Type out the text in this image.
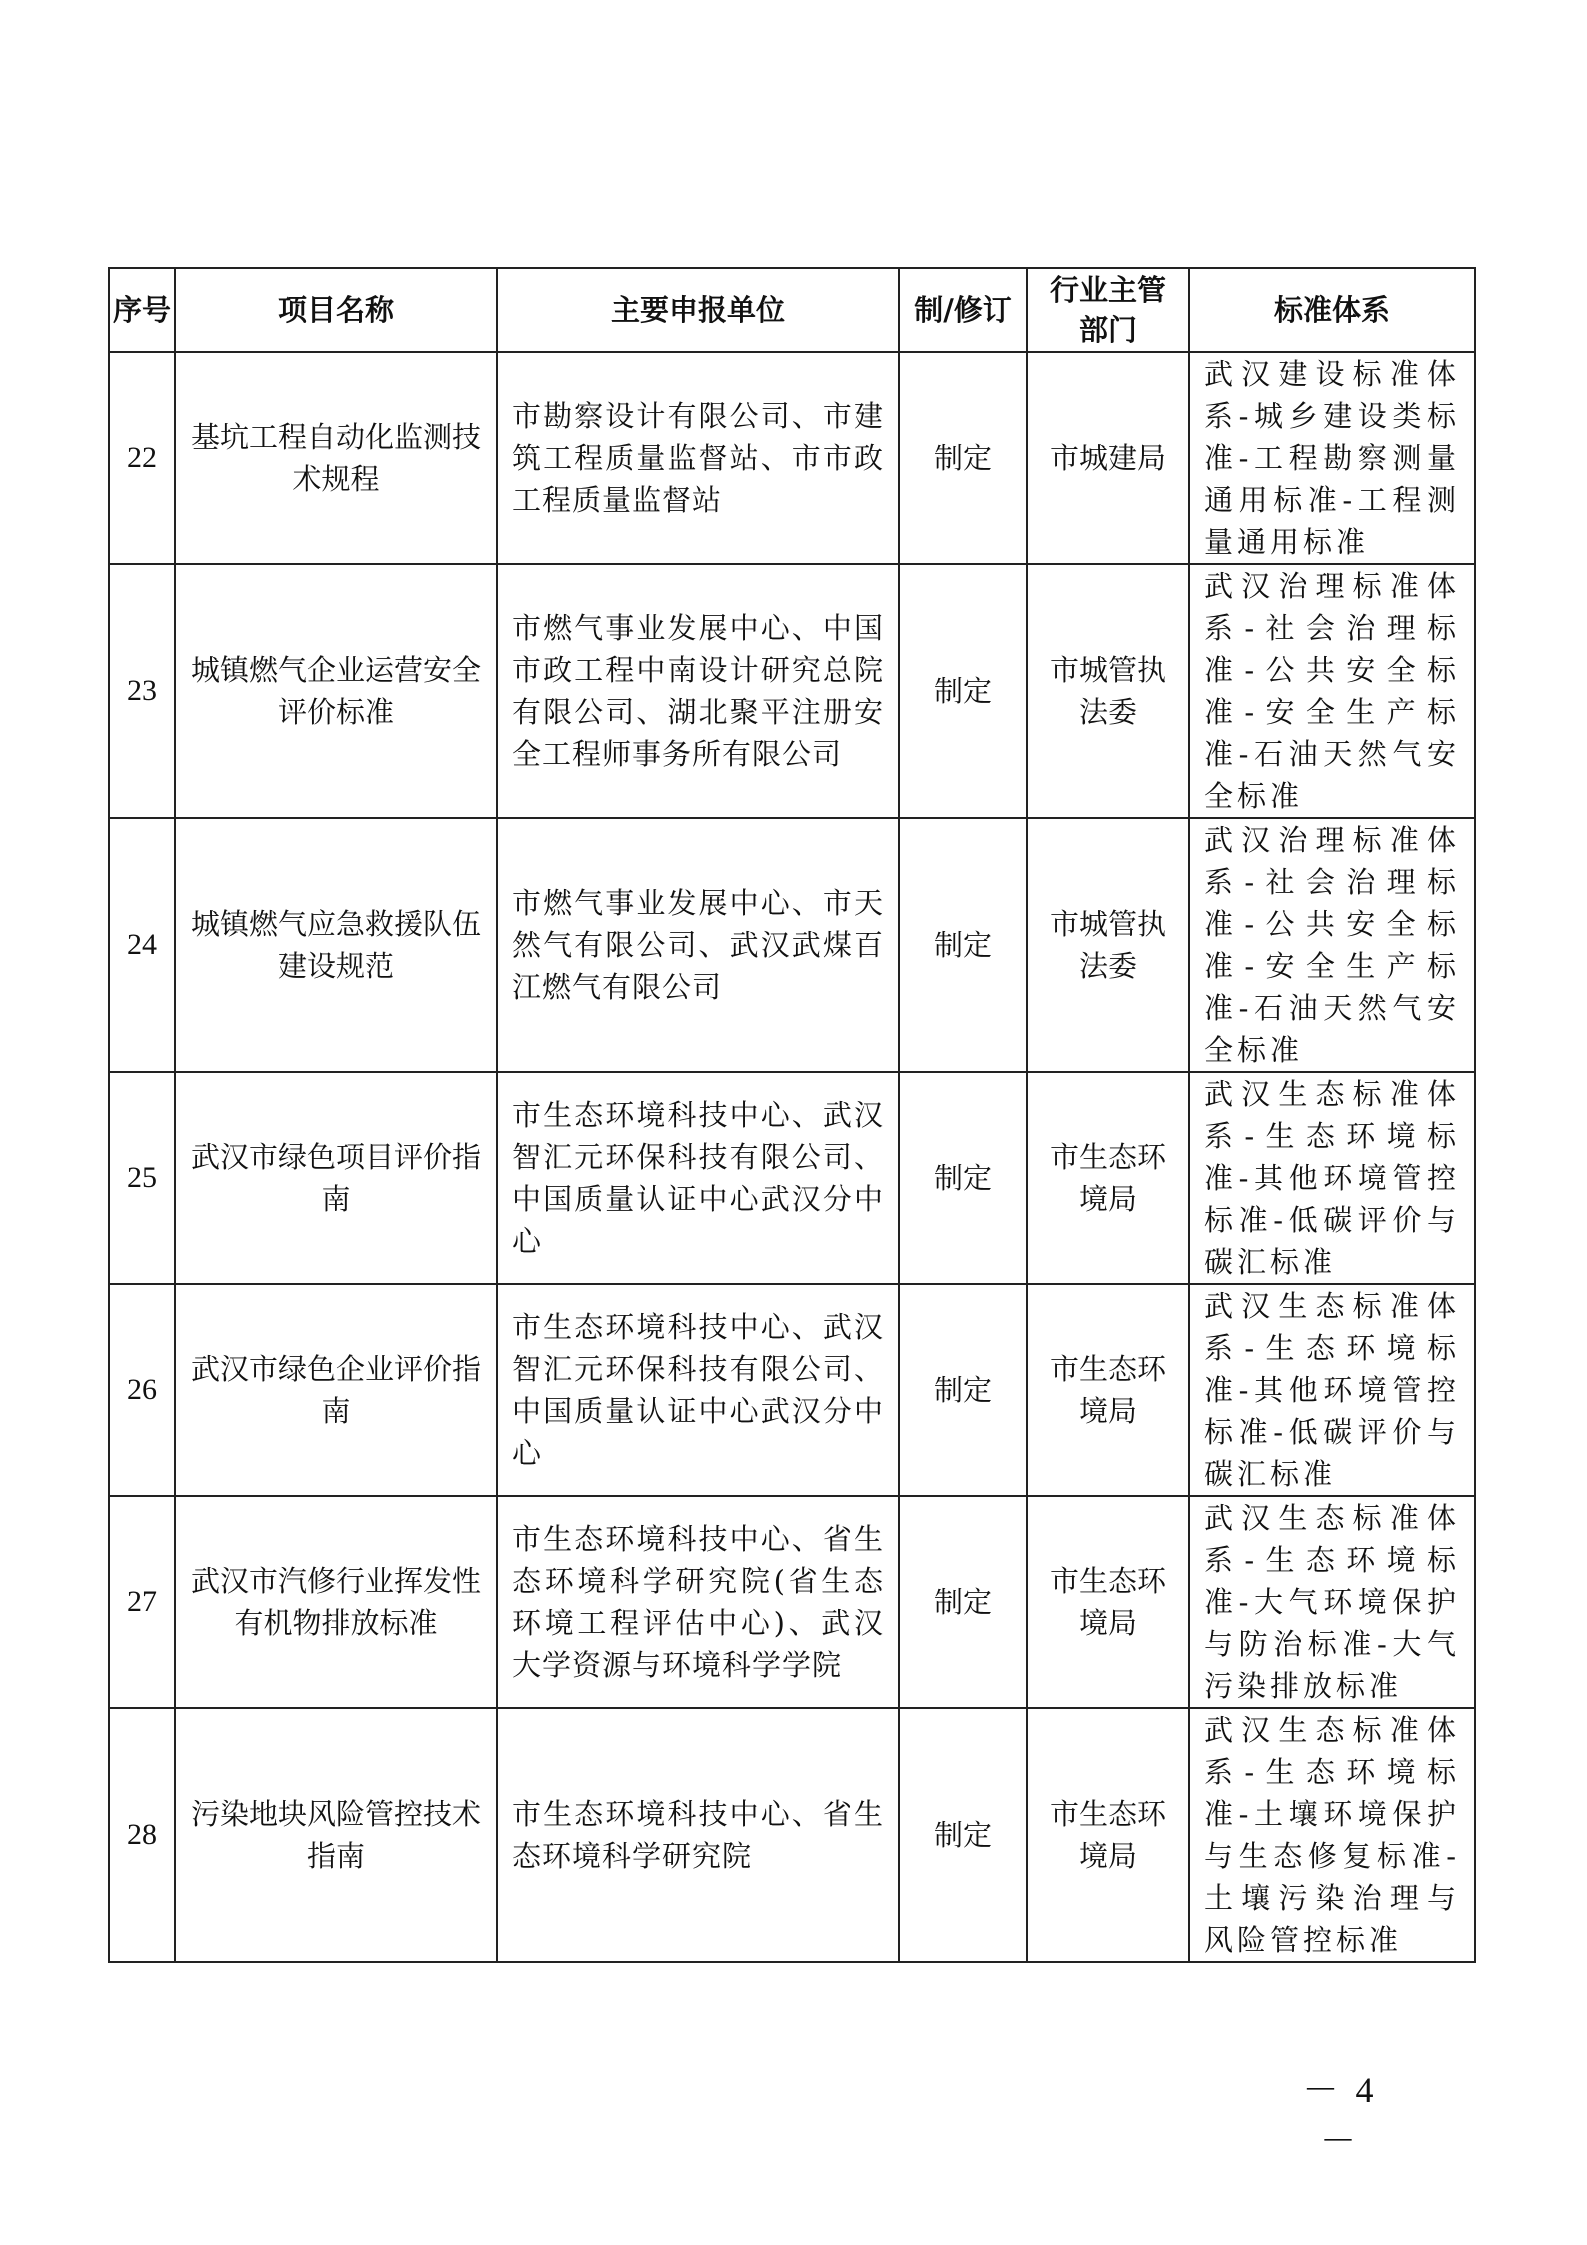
序号	项目名称	主要申报单位	制/修订	行业主管部门	标准体系
22	基坑工程自动化监测技术规程	市勘察设计有限公司、市建筑工程质量监督站、市市政工程质量监督站	制定	市城建局	武汉建设标准体系-城乡建设类标准-工程勘察测量通用标准-工程测量通用标准
23	城镇燃气企业运营安全评价标准	市燃气事业发展中心、中国市政工程中南设计研究总院有限公司、湖北聚平注册安全工程师事务所有限公司	制定	市城管执法委	武汉治理标准体系-社会治理标准-公共安全标准-安全生产标准-石油天然气安全标准
24	城镇燃气应急救援队伍建设规范	市燃气事业发展中心、市天然气有限公司、武汉武煤百江燃气有限公司	制定	市城管执法委	武汉治理标准体系-社会治理标准-公共安全标准-安全生产标准-石油天然气安全标准
25	武汉市绿色项目评价指南	市生态环境科技中心、武汉智汇元环保科技有限公司、中国质量认证中心武汉分中心	制定	市生态环境局	武汉生态标准体系-生态环境标准-其他环境管控标准-低碳评价与碳汇标准
26	武汉市绿色企业评价指南	市生态环境科技中心、武汉智汇元环保科技有限公司、中国质量认证中心武汉分中心	制定	市生态环境局	武汉生态标准体系-生态环境标准-其他环境管控标准-低碳评价与碳汇标准
27	武汉市汽修行业挥发性有机物排放标准	市生态环境科技中心、省生态环境科学研究院(省生态环境工程评估中心)、武汉大学资源与环境科学学院	制定	市生态环境局	武汉生态标准体系-生态环境标准-大气环境保护与防治标准-大气污染排放标准
28	污染地块风险管控技术指南	市生态环境科技中心、省生态环境科学研究院	制定	市生态环境局	武汉生态标准体系-生态环境标准-土壤环境保护与生态修复标准-土壤污染治理与风险管控标准
－ 4 －
